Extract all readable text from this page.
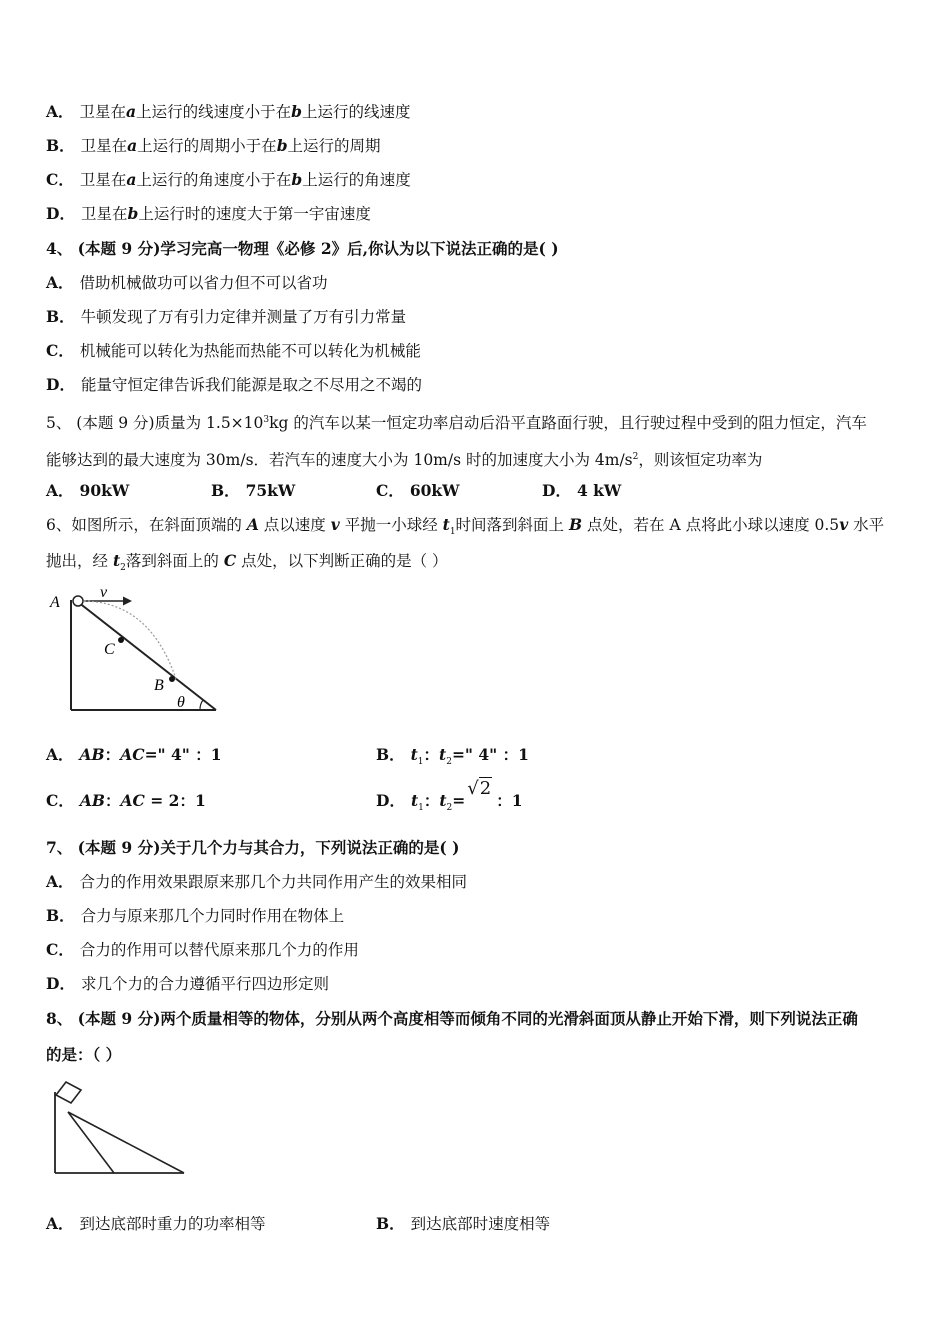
A． 卫星在a上运行的线速度小于在b上运行的线速度
B． 卫星在a上运行的周期小于在b上运行的周期
C． 卫星在a上运行的角速度小于在b上运行的角速度
D． 卫星在b上运行时的速度大于第一宇宙速度
4、 (本题 9 分)学习完高一物理《必修 2》后,你认为以下说法正确的是( )
A． 借助机械做功可以省力但不可以省功
B． 牛顿发现了万有引力定律并测量了万有引力常量
C． 机械能可以转化为热能而热能不可以转化为机械能
D． 能量守恒定律告诉我们能源是取之不尽用之不竭的
5、 (本题 9 分)质量为 $1.5\times 10^3kg$ 的汽车以某一恒定功率启动后沿平直路面行驶，且行驶过程中受到的阻力恒定，汽车
能够达到的最大速度为 30m/s．若汽车的速度大小为 10m/s 时的加速度大小为 $4m/s^2$，则该恒定功率为
A． 90kW	B． 75kW	C． 60kW	D． 4 kW
6、如图所示，在斜面顶端的 A 点以速度 v 平抛一小球经 $t_1$时间落到斜面上 B 点处，若在 A 点将此小球以速度 0.5v 水平
抛出，经 $t_2$落到斜面上的 C 点处，以下判断正确的是（ ）
A
v
C
B
θ
A． AB：AC=" 4" ：1	B． $t_1$：$t_2=$" 4" ：1
C． AB：AC = 2：1	D． $t_1$：$t_2=√2$：1
7、 (本题 9 分)关于几个力与其合力，下列说法正确的是( )
A． 合力的作用效果跟原来那几个力共同作用产生的效果相同
B． 合力与原来那几个力同时作用在物体上
C． 合力的作用可以替代原来那几个力的作用
D． 求几个力的合力遵循平行四边形定则
8、 (本题 9 分)两个质量相等的物体，分别从两个高度相等而倾角不同的光滑斜面顶从静止开始下滑，则下列说法正确
的是：（ ）
A． 到达底部时重力的功率相等	B． 到达底部时速度相等
